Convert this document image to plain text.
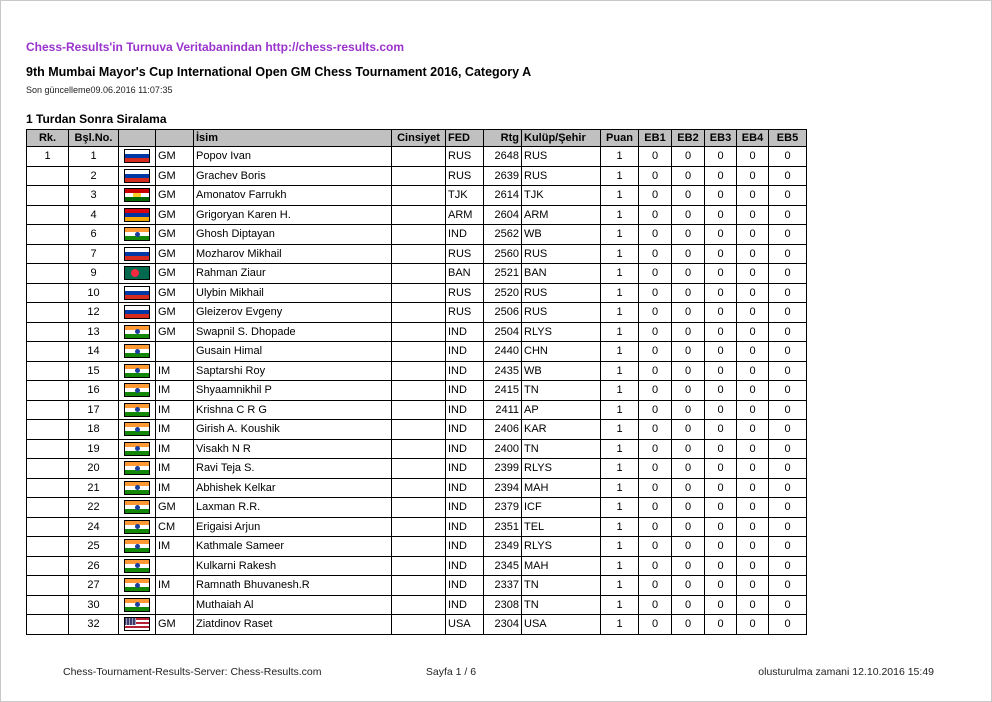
Chess-Results'in Turnuva Veritabanindan http://chess-results.com
9th Mumbai Mayor's Cup International Open GM Chess Tournament 2016, Category A
Son güncelleme09.06.2016 11:07:35
1 Turdan Sonra Siralama
Rk.	Bşl.No.			İsim	Cinsiyet	FED	Rtg	Kulüp/Şehir	Puan	EB1	EB2	EB3	EB4	EB5
1	1		GM	Popov Ivan		RUS	2648	RUS	1	0	0	0	0	0
	2		GM	Grachev Boris		RUS	2639	RUS	1	0	0	0	0	0
	3		GM	Amonatov Farrukh		TJK	2614	TJK	1	0	0	0	0	0
	4		GM	Grigoryan Karen H.		ARM	2604	ARM	1	0	0	0	0	0
	6		GM	Ghosh Diptayan		IND	2562	WB	1	0	0	0	0	0
	7		GM	Mozharov Mikhail		RUS	2560	RUS	1	0	0	0	0	0
	9		GM	Rahman Ziaur		BAN	2521	BAN	1	0	0	0	0	0
	10		GM	Ulybin Mikhail		RUS	2520	RUS	1	0	0	0	0	0
	12		GM	Gleizerov Evgeny		RUS	2506	RUS	1	0	0	0	0	0
	13		GM	Swapnil S. Dhopade		IND	2504	RLYS	1	0	0	0	0	0
	14			Gusain Himal		IND	2440	CHN	1	0	0	0	0	0
	15		IM	Saptarshi Roy		IND	2435	WB	1	0	0	0	0	0
	16		IM	Shyaamnikhil P		IND	2415	TN	1	0	0	0	0	0
	17		IM	Krishna C R G		IND	2411	AP	1	0	0	0	0	0
	18		IM	Girish A. Koushik		IND	2406	KAR	1	0	0	0	0	0
	19		IM	Visakh N R		IND	2400	TN	1	0	0	0	0	0
	20		IM	Ravi Teja S.		IND	2399	RLYS	1	0	0	0	0	0
	21		IM	Abhishek Kelkar		IND	2394	MAH	1	0	0	0	0	0
	22		GM	Laxman R.R.		IND	2379	ICF	1	0	0	0	0	0
	24		CM	Erigaisi Arjun		IND	2351	TEL	1	0	0	0	0	0
	25		IM	Kathmale Sameer		IND	2349	RLYS	1	0	0	0	0	0
	26			Kulkarni Rakesh		IND	2345	MAH	1	0	0	0	0	0
	27		IM	Ramnath Bhuvanesh.R		IND	2337	TN	1	0	0	0	0	0
	30			Muthaiah Al		IND	2308	TN	1	0	0	0	0	0
	32		GM	Ziatdinov Raset		USA	2304	USA	1	0	0	0	0	0
Chess-Tournament-Results-Server: Chess-Results.com	Sayfa 1 / 6	olusturulma zamani 12.10.2016 15:49
